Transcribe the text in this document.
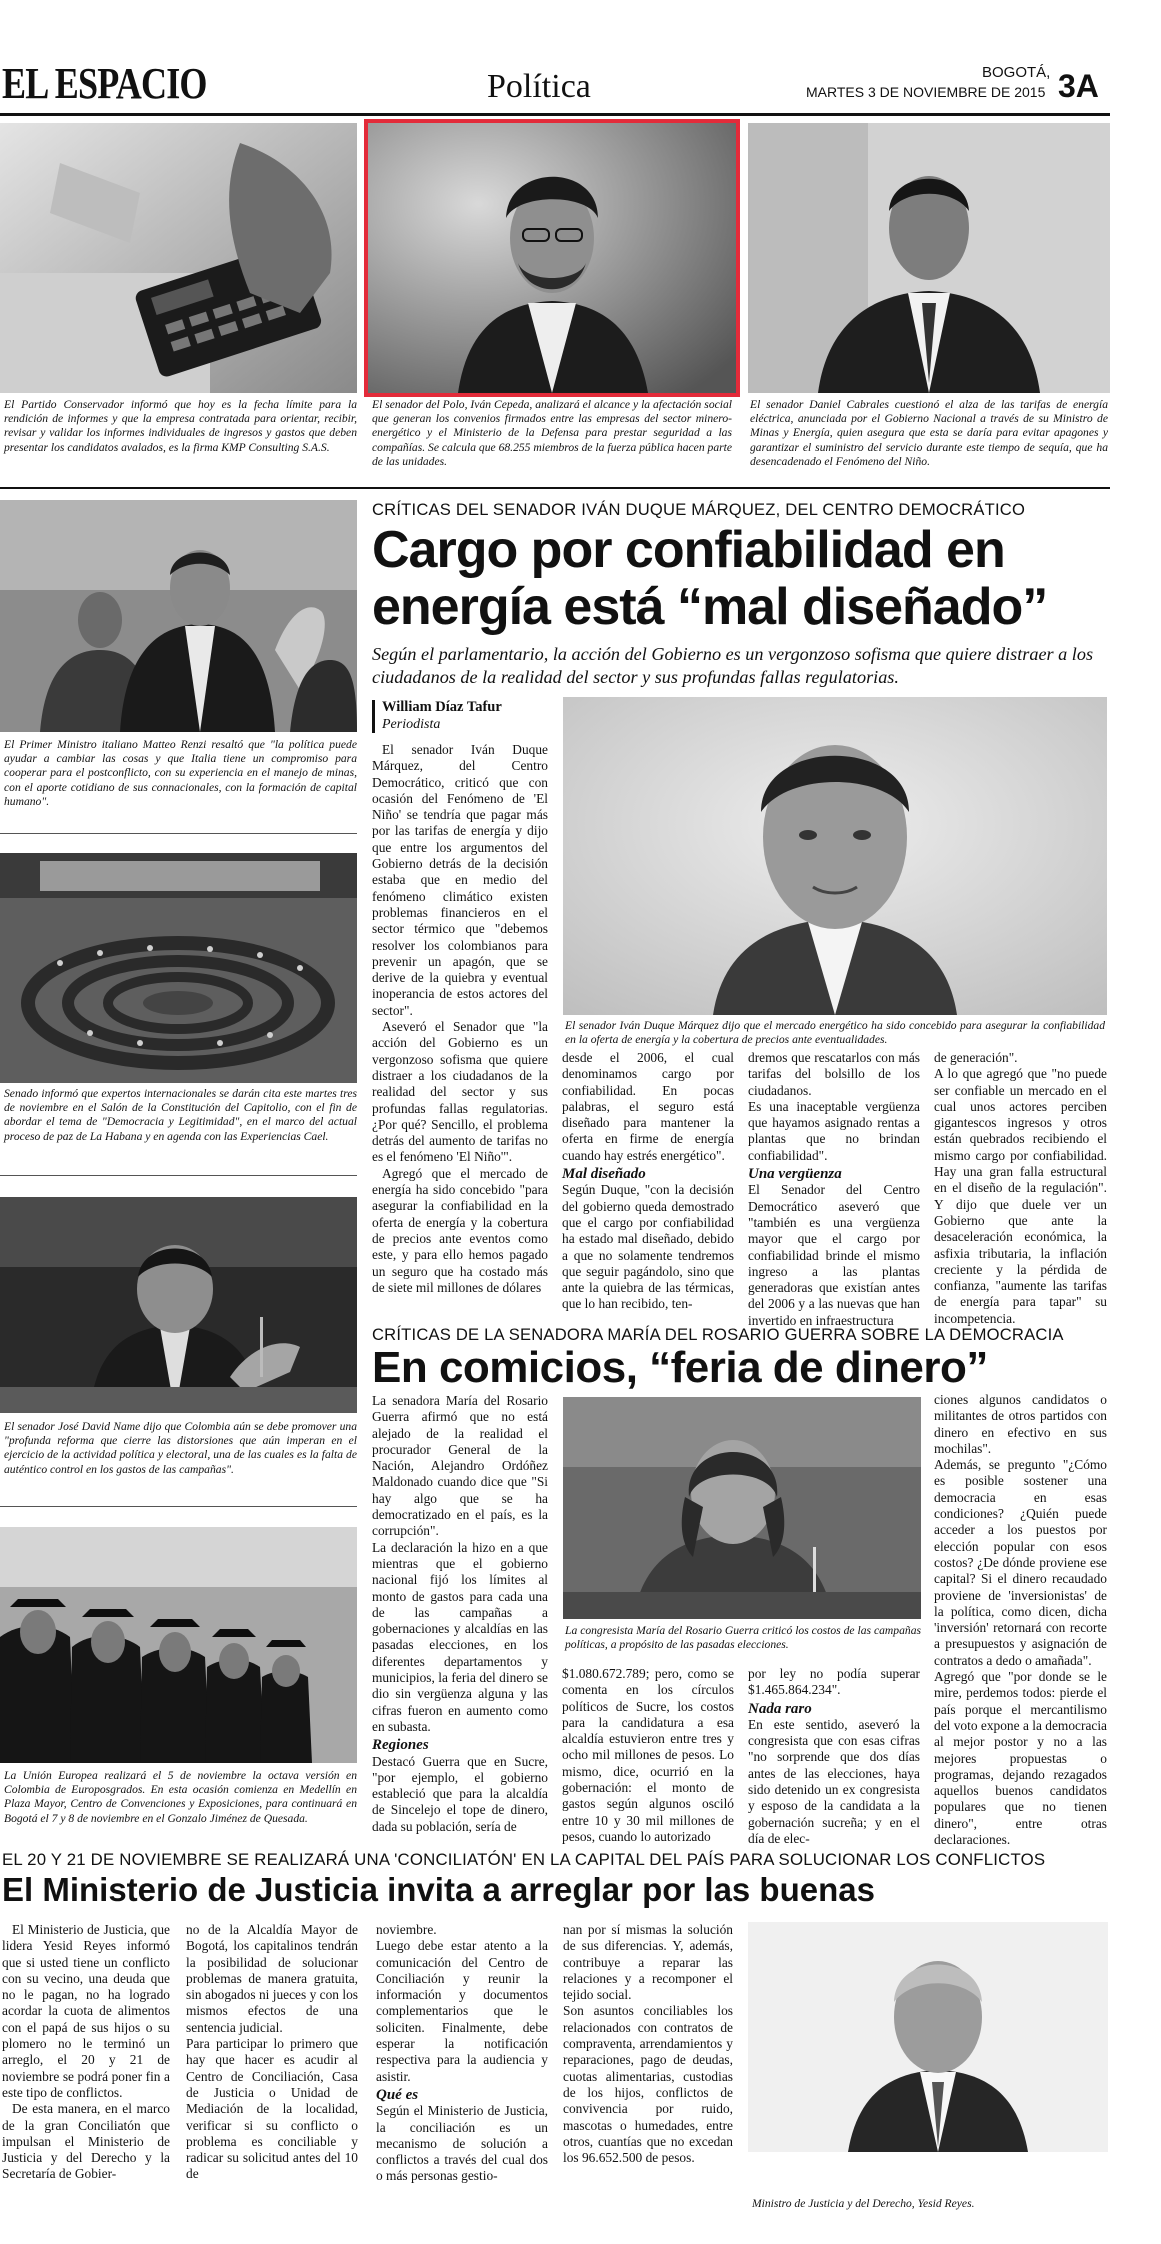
EL ESPACIO	Política	BOGOTÁ,
MARTES 3 DE NOVIEMBRE DE 2015 3A
El Partido Conservador informó que hoy es la fecha límite para la rendición de informes y que la empresa contratada para orientar, recibir, revisar y validar los informes individuales de ingresos y gastos que deben presentar los candidatos avalados, es la firma KMP Consulting S.A.S.
El senador del Polo, Iván Cepeda, analizará el alcance y la afectación social que generan los convenios firmados entre las empresas del sector minero-energético y el Ministerio de la Defensa para prestar seguridad a las compañías. Se calcula que 68.255 miembros de la fuerza pública hacen parte de las unidades.
El senador Daniel Cabrales cuestionó el alza de las tarifas de energía eléctrica, anunciada por el Gobierno Nacional a través de su Ministro de Minas y Energía, quien asegura que esta se daría para evitar apagones y garantizar el suministro del servicio durante este tiempo de sequía, que ha desencadenado el Fenómeno del Niño.
El Primer Ministro italiano Matteo Renzi resaltó que "la política puede ayudar a cambiar las cosas y que Italia tiene un compromiso para cooperar para el postconflicto, con su experiencia en el manejo de minas, con el aporte cotidiano de sus connacionales, con la formación de capital humano".
Senado informó que expertos internacionales se darán cita este martes tres de noviembre en el Salón de la Constitución del Capitolio, con el fin de abordar el tema de "Democracia y Legitimidad", en el marco del actual proceso de paz de La Habana y en agenda con las Experiencias Cael.
El senador José David Name dijo que Colombia aún se debe promover una "profunda reforma que cierre las distorsiones que aún imperan en el ejercicio de la actividad política y electoral, una de las cuales es la falta de auténtico control en los gastos de las campañas".
La Unión Europea realizará el 5 de noviembre la octava versión en Colombia de Europosgrados. En esta ocasión comienza en Medellín en Plaza Mayor, Centro de Convenciones y Exposiciones, para continuará en Bogotá el 7 y 8 de noviembre en el Gonzalo Jiménez de Quesada.
CRÍTICAS DEL SENADOR IVÁN DUQUE MÁRQUEZ, DEL CENTRO DEMOCRÁTICO
Cargo por confiabilidad en
energía está “mal diseñado”
Según el parlamentario, la acción del Gobierno es un vergonzoso sofisma que quiere distraer a los ciudadanos de la realidad del sector y sus profundas fallas regulatorias.
William Díaz Tafur
Periodista

El senador Iván Duque Márquez, del Centro Democrático, criticó que con ocasión del Fenómeno de 'El Niño' se tendría que pagar más por las tarifas de energía y dijo que entre los argumentos del Gobierno detrás de la decisión estaba que en medio del fenómeno climático existen problemas financieros en el sector térmico que "debemos resolver los colombianos para prevenir un apagón, que se derive de la quiebra y eventual inoperancia de estos actores del sector".

Aseveró el Senador que "la acción del Gobierno es un vergonzoso sofisma que quiere distraer a los ciudadanos de la realidad del sector y sus profundas fallas regulatorias. ¿Por qué? Sencillo, el problema detrás del aumento de tarifas no es el fenómeno 'El Niño'".

Agregó que el mercado de energía ha sido concebido "para asegurar la confiabilidad en la oferta de energía y la cobertura de precios ante eventos como este, y para ello hemos pagado un seguro que ha costado más de siete mil millones de dólares

El senador Iván Duque Márquez dijo que el mercado energético ha sido concebido para asegurar la confiabilidad en la oferta de energía y la cobertura de precios ante eventualidades.

desde el 2006, el cual denominamos cargo por confiabilidad. En pocas palabras, el seguro está diseñado para mantener la oferta en firme de energía cuando hay estrés energético".

Mal diseñado

Según Duque, "con la decisión del gobierno queda demostrado que el cargo por confiabilidad ha estado mal diseñado, debido a que no solamente tendremos que seguir pagándolo, sino que ante la quiebra de las térmicas, que lo han recibido, ten-

dremos que rescatarlos con más tarifas del bolsillo de los ciudadanos.

Es una inaceptable vergüenza que hayamos asignado rentas a plantas que no brindan confiabilidad".

Una vergüenza

El Senador del Centro Democrático aseveró que "también es una vergüenza mayor que el cargo por confiabilidad brinde el mismo ingreso a las plantas generadoras que existían antes del 2006 y a las nuevas que han invertido en infraestructura

de generación".

A lo que agregó que "no puede ser confiable un mercado en el cual unos actores perciben gigantescos ingresos y otros están quebrados recibiendo el mismo cargo por confiabilidad. Hay una gran falla estructural en el diseño de la regulación". Y dijo que duele ver un Gobierno que ante la desaceleración económica, la asfixia tributaria, la inflación creciente y la pérdida de confianza, "aumente las tarifas de energía para tapar" su incompetencia.

CRÍTICAS DE LA SENADORA MARÍA DEL ROSARIO GUERRA SOBRE LA DEMOCRACIA
En comicios, “feria de dinero”

La senadora María del Rosario Guerra afirmó que no está alejado de la realidad el procurador General de la Nación, Alejandro Ordóñez Maldonado cuando dice que "Si hay algo que se ha democratizado en el país, es la corrupción".

La declaración la hizo en a que mientras que el gobierno nacional fijó los límites al monto de gastos para cada una de las campañas a gobernaciones y alcaldías en las pasadas elecciones, en los diferentes departamentos y municipios, la feria del dinero se dio sin vergüenza alguna y las cifras fueron en aumento como en subasta.

Regiones

Destacó Guerra que en Sucre, "por ejemplo, el gobierno estableció que para la alcaldía de Sincelejo el tope de dinero, dada su población, sería de

La congresista María del Rosario Guerra criticó los costos de las campañas políticas, a propósito de las pasadas elecciones.

$1.080.672.789; pero, como se comenta en los círculos políticos de Sucre, los costos para la candidatura a esa alcaldía estuvieron entre tres y ocho mil millones de pesos. Lo mismo, dice, ocurrió en la gobernación: el monto de gastos según algunos osciló entre 10 y 30 mil millones de pesos, cuando lo autorizado

por ley no podía superar $1.465.864.234".

Nada raro

En este sentido, aseveró la congresista que con esas cifras "no sorprende que dos días antes de las elecciones, haya sido detenido un ex congresista y esposo de la candidata a la gobernación sucreña; y en el día de elec-

ciones algunos candidatos o militantes de otros partidos con dinero en efectivo en sus mochilas".

Además, se pregunto "¿Cómo es posible sostener una democracia en esas condiciones? ¿Quién puede acceder a los puestos por elección popular con esos costos? ¿De dónde proviene ese capital? Si el dinero recaudado proviene de 'inversionistas' de la política, como dicen, dicha 'inversión' retornará con recorte a presupuestos y asignación de contratos a dedo o amañada".

Agregó que "por donde se le mire, perdemos todos: pierde el país porque el mercantilismo del voto expone a la democracia al mejor postor y no a las mejores propuestas o programas, dejando rezagados aquellos buenos candidatos populares que no tienen dinero", entre otras declaraciones.

EL 20 Y 21 DE NOVIEMBRE SE REALIZARÁ UNA 'CONCILIATÓN' EN LA CAPITAL DEL PAÍS PARA SOLUCIONAR LOS CONFLICTOS
El Ministerio de Justicia invita a arreglar por las buenas

El Ministerio de Justicia, que lidera Yesid Reyes informó que si usted tiene un conflicto con su vecino, una deuda que no le pagan, no ha logrado acordar la cuota de alimentos con el papá de sus hijos o su plomero no le terminó un arreglo, el 20 y 21 de noviembre se podrá poner fin a este tipo de conflictos.

De esta manera, en el marco de la gran Conciliatón que impulsan el Ministerio de Justicia y del Derecho y la Secretaría de Gobier-

no de la Alcaldía Mayor de Bogotá, los capitalinos tendrán la posibilidad de solucionar problemas de manera gratuita, sin abogados ni jueces y con los mismos efectos de una sentencia judicial.

Para participar lo primero que hay que hacer es acudir al Centro de Conciliación, Casa de Justicia o Unidad de Mediación de la localidad, verificar si su conflicto o problema es conciliable y radicar su solicitud antes del 10 de

noviembre.

Luego debe estar atento a la comunicación del Centro de Conciliación y reunir la información y documentos complementarios que le soliciten. Finalmente, debe esperar la notificación respectiva para la audiencia y asistir.

Qué es

Según el Ministerio de Justicia, la conciliación es un mecanismo de solución a conflictos a través del cual dos o más personas gestio-

nan por sí mismas la solución de sus diferencias. Y, además, contribuye a reparar las relaciones y a recomponer el tejido social.

Son asuntos conciliables los relacionados con contratos de compraventa, arrendamientos y reparaciones, pago de deudas, cuotas alimentarias, custodias de los hijos, conflictos de convivencia por ruido, mascotas o humedades, entre otros, cuantías que no excedan los 96.652.500 de pesos.

Ministro de Justicia y del Derecho, Yesid Reyes.
